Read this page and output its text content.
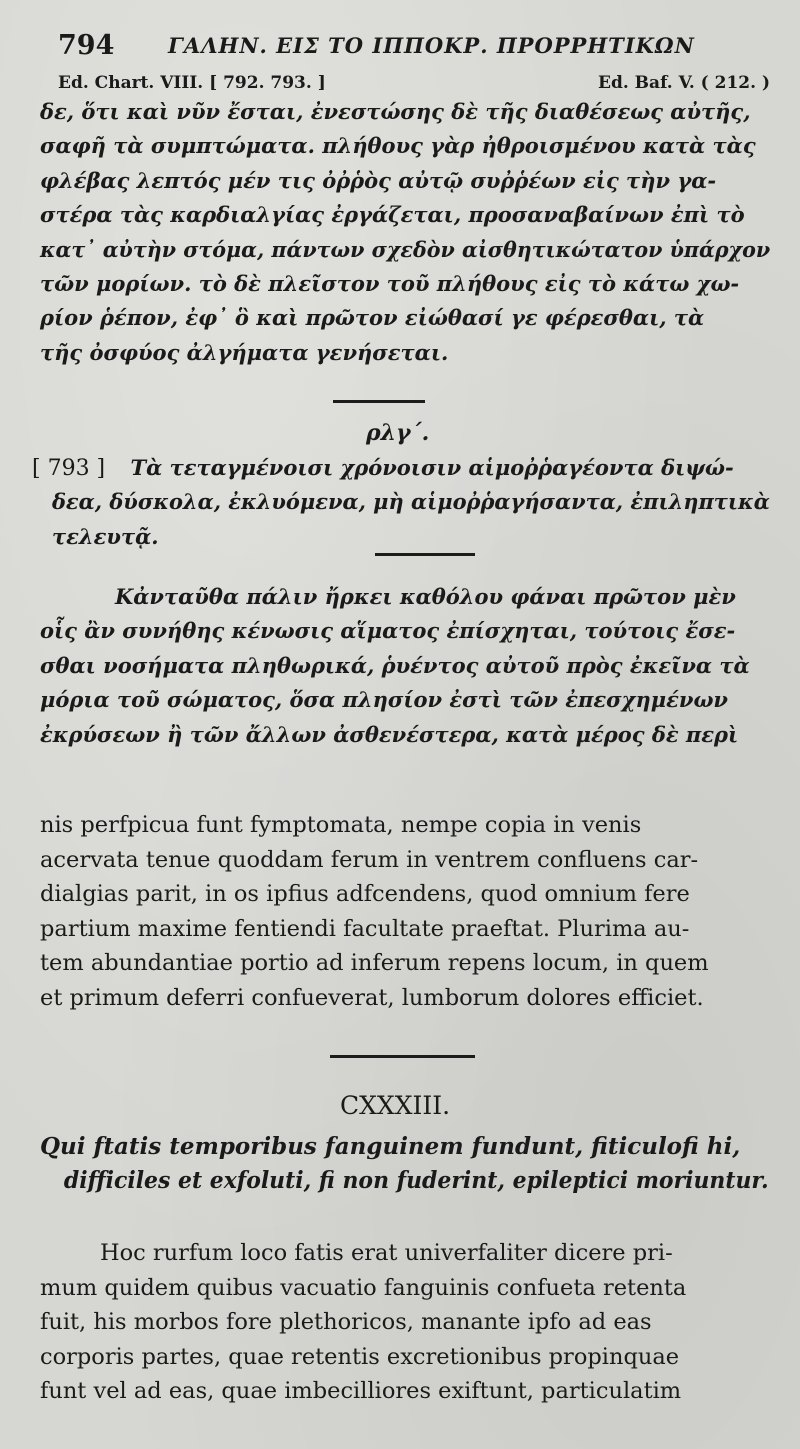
794	ΓΑΛΗΝ. ΕΙΣ ΤΟ ΙΠΠΟΚΡ. ΠΡΟΡΡΗΤΙΚΩΝ
Ed. Chart. VIII. [ 792. 793. ]	Ed. Baf. V. ( 212. )
δε, ὅτι καὶ νῦν ἔσται, ἐνεστώσης δὲ τῆς διαθέσεως αὐτῆς,
σαφῆ τὰ συμπτώματα. πλήθους γὰρ ἠθροισμένου κατὰ τὰς
φλέβας λεπτός μέν τις ὀῤῥὸς αὐτῷ συῤῥέων εἰς τὴν γα-
στέρα τὰς καρδιαλγίας ἐργάζεται, προσαναβαίνων ἐπὶ τὸ
κατ᾽ αὐτὴν στόμα, πάντων σχεδὸν αἰσθητικώτατον ὑπάρχον
τῶν μορίων. τὸ δὲ πλεῖστον τοῦ πλήθους εἰς τὸ κάτω χω-
ρίον ῥέπον, ἐφ᾽ ὃ καὶ πρῶτον εἰώθασί γε φέρεσθαι, τὰ
τῆς ὀσφύος ἀλγήματα γενήσεται.
ρλγ΄.
[ 793 ] Τὰ τεταγμένοισι χρόνοισιν αἱμοῤῥαγέοντα διψώ-
δεα, δύσκολα, ἐκλυόμενα, μὴ αἱμοῤῥαγήσαντα, ἐπιληπτικὰ
τελευτᾷ.
Κἀνταῦθα πάλιν ἤρκει καθόλου φάναι πρῶτον μὲν
οἷς ἂν συνήθης κένωσις αἵματος ἐπίσχηται, τούτοις ἔσε-
σθαι νοσήματα πληθωρικά, ῥυέντος αὐτοῦ πρὸς ἐκεῖνα τὰ
μόρια τοῦ σώματος, ὅσα πλησίον ἐστὶ τῶν ἐπεσχημένων
ἐκρύσεων ἢ τῶν ἄλλων ἀσθενέστερα, κατὰ μέρος δὲ περὶ
nis perfpicua funt fymptomata, nempe copia in venis
acervata tenue quoddam ferum in ventrem confluens car-
dialgias parit, in os ipfius adfcendens, quod omnium fere
partium maxime fentiendi facultate praeftat. Plurima au-
tem abundantiae portio ad inferum repens locum, in quem
et primum deferri confueverat, lumborum dolores efficiet.
CXXXIII.
Qui ftatis temporibus fanguinem fundunt, fiticulofi hi,
difficiles et exfoluti, fi non fuderint, epileptici moriuntur.
Hoc rurfum loco fatis erat univerfaliter dicere pri-
mum quidem quibus vacuatio fanguinis confueta retenta
fuit, his morbos fore plethoricos, manante ipfo ad eas
corporis partes, quae retentis excretionibus propinquae
funt vel ad eas, quae imbecilliores exiftunt, particulatim
